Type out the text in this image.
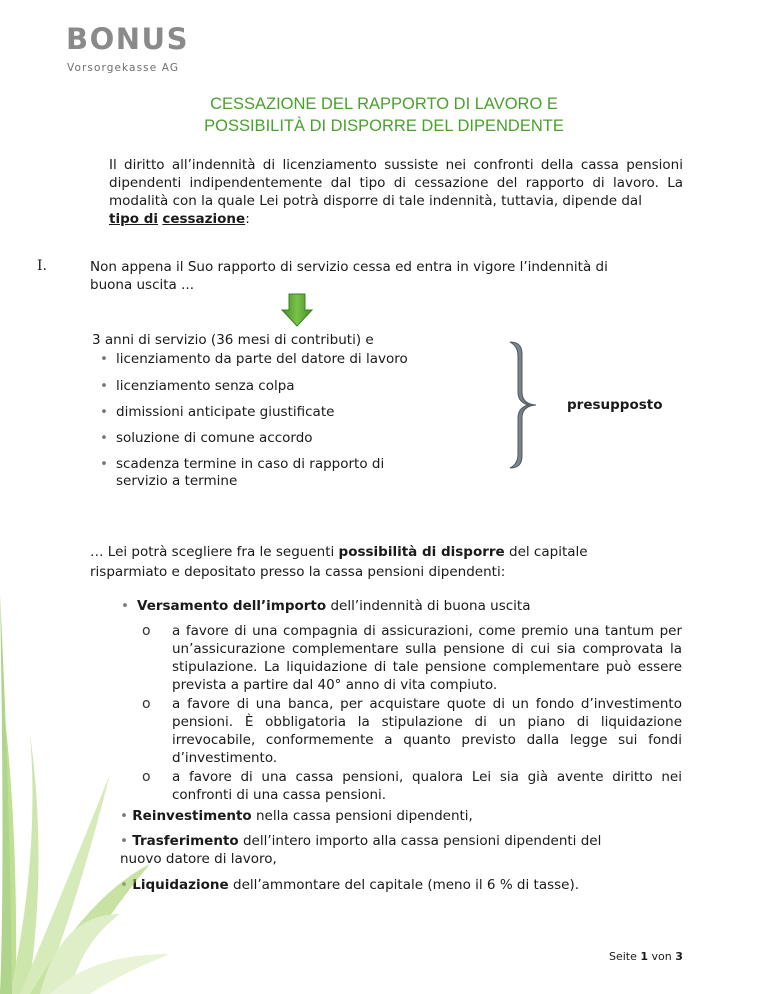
BONUS
Vorsorgekasse AG
CESSAZIONE DEL RAPPORTO DI LAVORO E
POSSIBILITÀ DI DISPORRE DEL DIPENDENTE
Il diritto all’indennità di licenziamento sussiste nei confronti della cassa pensioni dipendenti indipendentemente dal tipo di cessazione del rapporto di lavoro. La modalità con la quale Lei potrà disporre di tale indennità, tuttavia, dipende dal
tipo di cessazione:
I.	Non appena il Suo rapporto di servizio cessa ed entra in vigore l’indennità di buona uscita ...
3 anni di servizio (36 mesi di contributi) e
• licenziamento da parte del datore di lavoro
• licenziamento senza colpa
• dimissioni anticipate giustificate
• soluzione di comune accordo
• scadenza termine in caso di rapporto di servizio a termine
presupposto
… Lei potrà scegliere fra le seguenti possibilità di disporre del capitale risparmiato e depositato presso la cassa pensioni dipendenti:
• Versamento dell’importo dell’indennità di buona uscita
o a favore di una compagnia di assicurazioni, come premio una tantum per un’assicurazione complementare sulla pensione di cui sia comprovata la stipulazione. La liquidazione di tale pensione complementare può essere prevista a partire dal 40° anno di vita compiuto.
o a favore di una banca, per acquistare quote di un fondo d’investimento pensioni. È obbligatoria la stipulazione di un piano di liquidazione irrevocabile, conformemente a quanto previsto dalla legge sui fondi d’investimento.
o a favore di una cassa pensioni, qualora Lei sia già avente diritto nei confronti di una cassa pensioni.
• Reinvestimento nella cassa pensioni dipendenti,
• Trasferimento dell’intero importo alla cassa pensioni dipendenti del nuovo datore di lavoro,
Liquidazione dell’ammontare del capitale (meno il 6 % di tasse).
Seite 1 von 3
